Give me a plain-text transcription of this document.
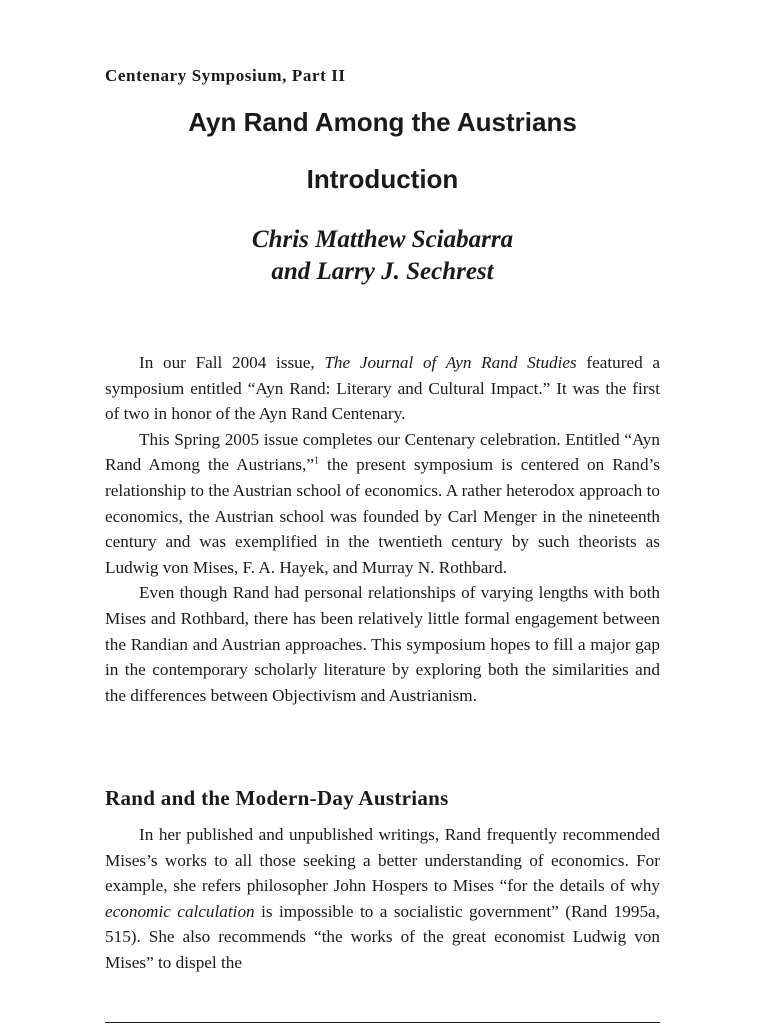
Centenary Symposium, Part II
Ayn Rand Among the Austrians
Introduction
Chris Matthew Sciabarra
and Larry J. Sechrest

In our Fall 2004 issue, The Journal of Ayn Rand Studies featured a symposium entitled “Ayn Rand: Literary and Cultural Impact.” It was the first of two in honor of the Ayn Rand Centenary.

This Spring 2005 issue completes our Centenary celebration. Entitled “Ayn Rand Among the Austrians,”$^1$ the present symposium is centered on Rand’s relationship to the Austrian school of economics. A rather heterodox approach to economics, the Austrian school was founded by Carl Menger in the nineteenth century and was exemplified in the twentieth century by such theorists as Ludwig von Mises, F. A. Hayek, and Murray N. Rothbard.

Even though Rand had personal relationships of varying lengths with both Mises and Rothbard, there has been relatively little formal engagement between the Randian and Austrian approaches. This symposium hopes to fill a major gap in the contemporary scholarly literature by exploring both the similarities and the differences between Objectivism and Austrianism.

Rand and the Modern-Day Austrians

In her published and unpublished writings, Rand frequently recommended Mises’s works to all those seeking a better understanding of economics. For example, she refers philosopher John Hospers to Mises “for the details of why economic calculation is impossible to a socialistic government” (Rand 1995a, 515). She also recommends “the works of the great economist Ludwig von Mises” to dispel the
